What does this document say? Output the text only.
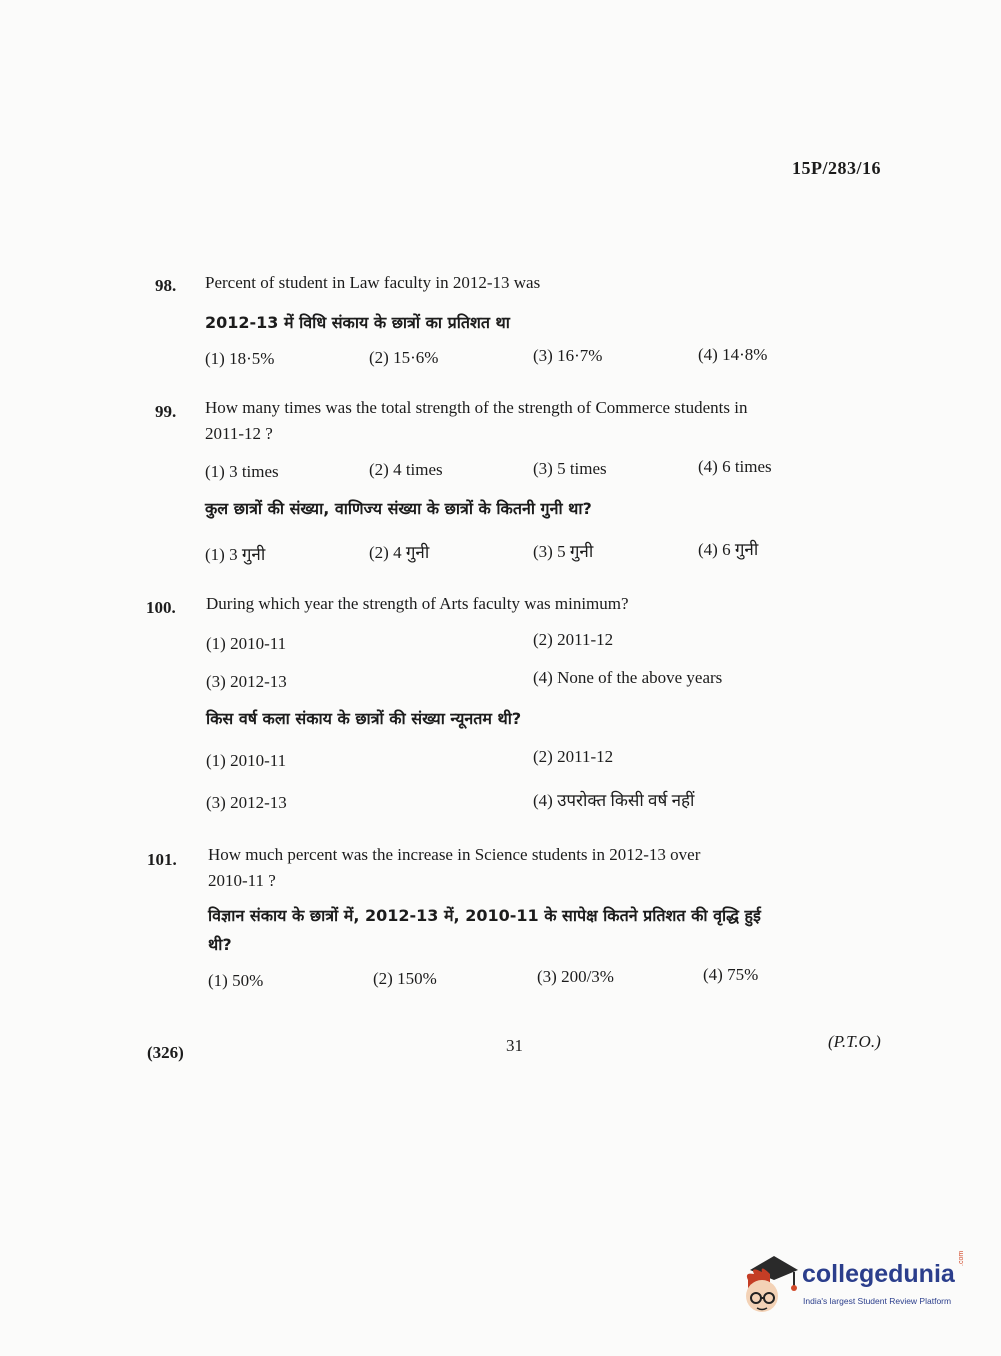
15P/283/16
98. Percent of student in Law faculty in 2012-13 was
2012-13 में विधि संकाय के छात्रों का प्रतिशत था
(1) 18·5%	(2) 15·6%	(3) 16·7%	(4) 14·8%
99. How many times was the total strength of the strength of Commerce students in
2011-12 ?
(1) 3 times	(2) 4 times	(3) 5 times	(4) 6 times
कुल छात्रों की संख्या, वाणिज्य संख्या के छात्रों के कितनी गुनी था?
(1) 3 गुनी	(2) 4 गुनी	(3) 5 गुनी	(4) 6 गुनी
100. During which year the strength of Arts faculty was minimum?
(1) 2010-11	(2) 2011-12
(3) 2012-13	(4) None of the above years
किस वर्ष कला संकाय के छात्रों की संख्या न्यूनतम थी?
(1) 2010-11	(2) 2011-12
(3) 2012-13	(4) उपरोक्त किसी वर्ष नहीं
101. How much percent was the increase in Science students in 2012-13 over
2010-11 ?
विज्ञान संकाय के छात्रों में, 2012-13 में, 2010-11 के सापेक्ष कितने प्रतिशत की वृद्धि हुई
थी?
(1) 50%	(2) 150%	(3) 200/3%	(4) 75%
(326)	31	(P.T.O.)
collegedunia
India's largest Student Review Platform
.com
